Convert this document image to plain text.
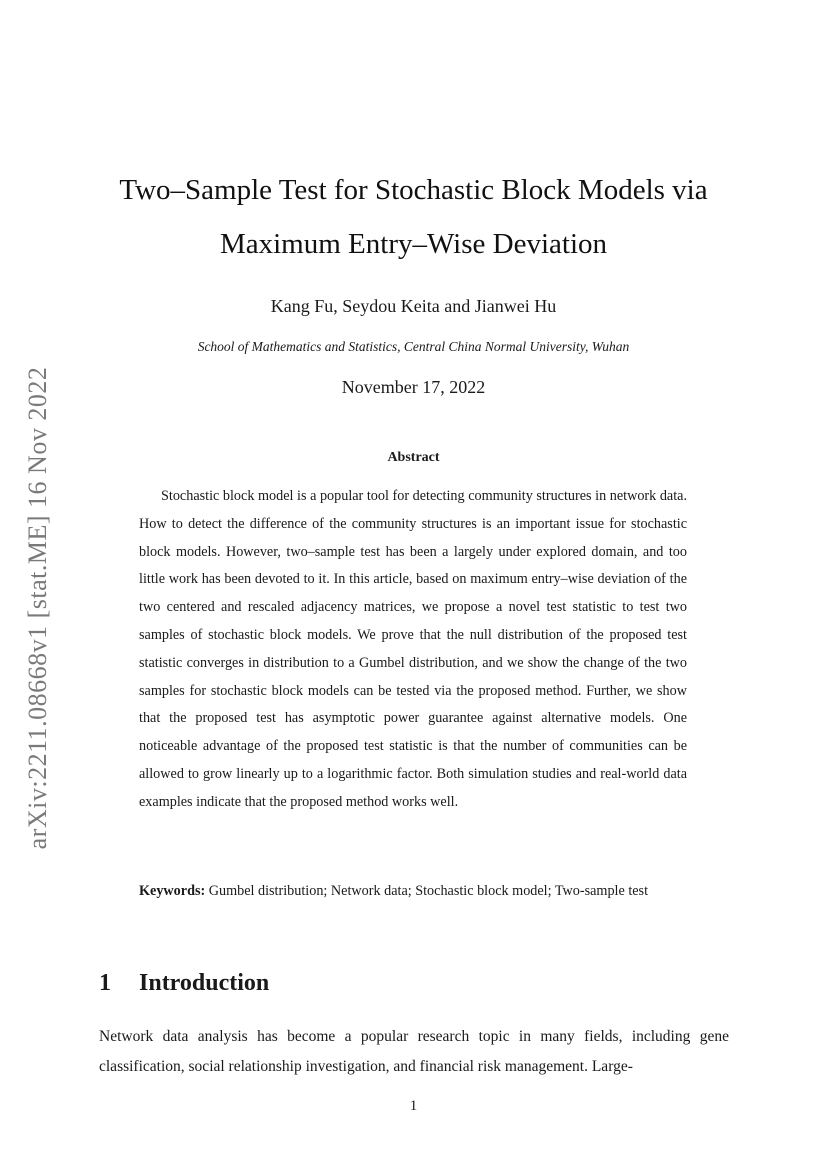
arXiv:2211.08668v1 [stat.ME] 16 Nov 2022
Two–Sample Test for Stochastic Block Models via
Maximum Entry–Wise Deviation
Kang Fu, Seydou Keita and Jianwei Hu
School of Mathematics and Statistics, Central China Normal University, Wuhan
November 17, 2022
Abstract

Stochastic block model is a popular tool for detecting community structures in network data. How to detect the difference of the community structures is an important issue for stochastic block models. However, two–sample test has been a largely under explored domain, and too little work has been devoted to it. In this article, based on maximum entry–wise deviation of the two centered and rescaled adjacency matrices, we propose a novel test statistic to test two samples of stochastic block models. We prove that the null distribution of the proposed test statistic converges in distribution to a Gumbel distribution, and we show the change of the two samples for stochastic block models can be tested via the proposed method. Further, we show that the proposed test has asymptotic power guarantee against alternative models. One noticeable advantage of the proposed test statistic is that the number of communities can be allowed to grow linearly up to a logarithmic factor. Both simulation studies and real-world data examples indicate that the proposed method works well.

Keywords: Gumbel distribution; Network data; Stochastic block model; Two-sample test

1 Introduction

Network data analysis has become a popular research topic in many fields, including gene classification, social relationship investigation, and financial risk management. Large-

1
